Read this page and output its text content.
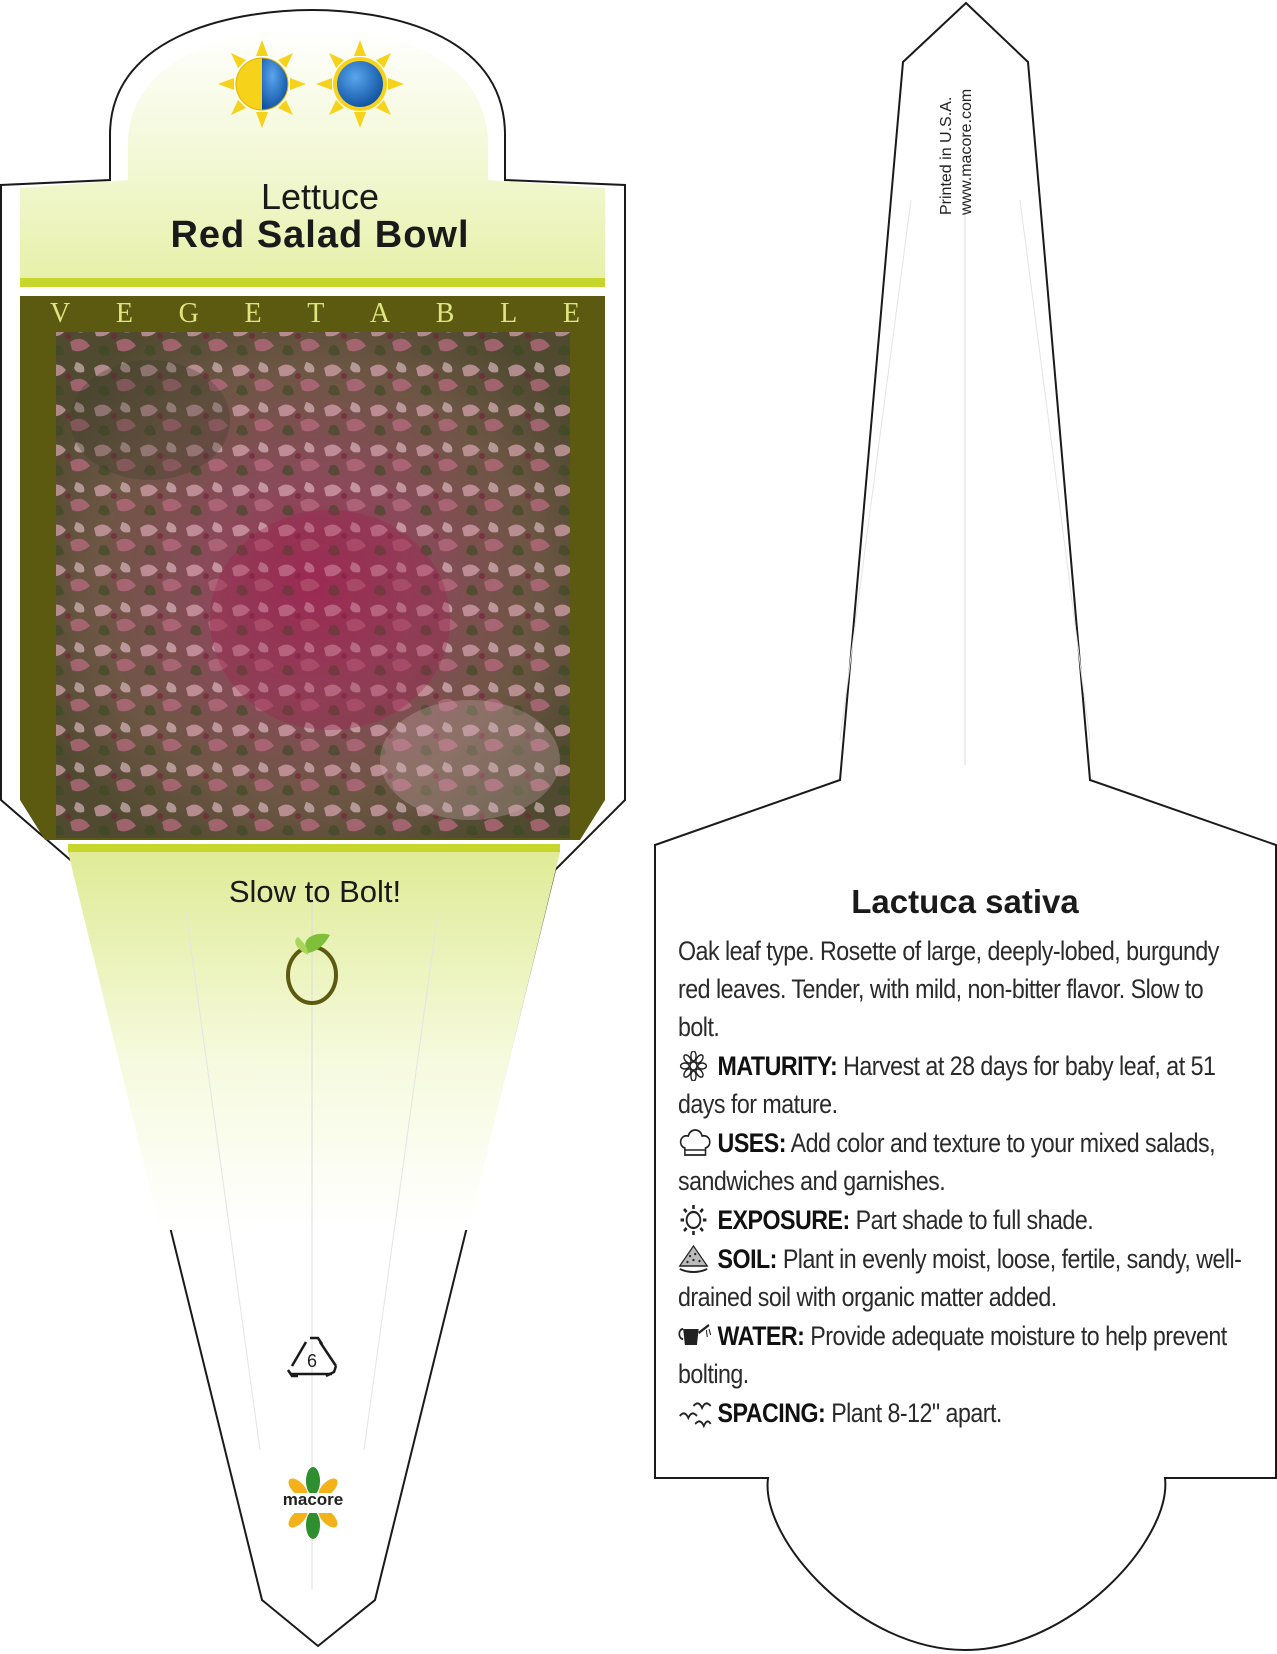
Lettuce
Red Salad Bowl
V E G E T A B L E
Slow to Bolt!
6
macore
Printed in U.S.A. www.macore.com
Lactuca sativa

Oak leaf type. Rosette of large, deeply-lobed, burgundy red leaves. Tender, with mild, non-bitter flavor. Slow to bolt.

MATURITY: Harvest at 28 days for baby leaf, at 51 days for mature.

USES: Add color and texture to your mixed salads, sandwiches and garnishes.

EXPOSURE: Part shade to full shade.

SOIL: Plant in evenly moist, loose, fertile, sandy, well-drained soil with organic matter added.

WATER: Provide adequate moisture to help prevent bolting.

SPACING: Plant 8-12" apart.
